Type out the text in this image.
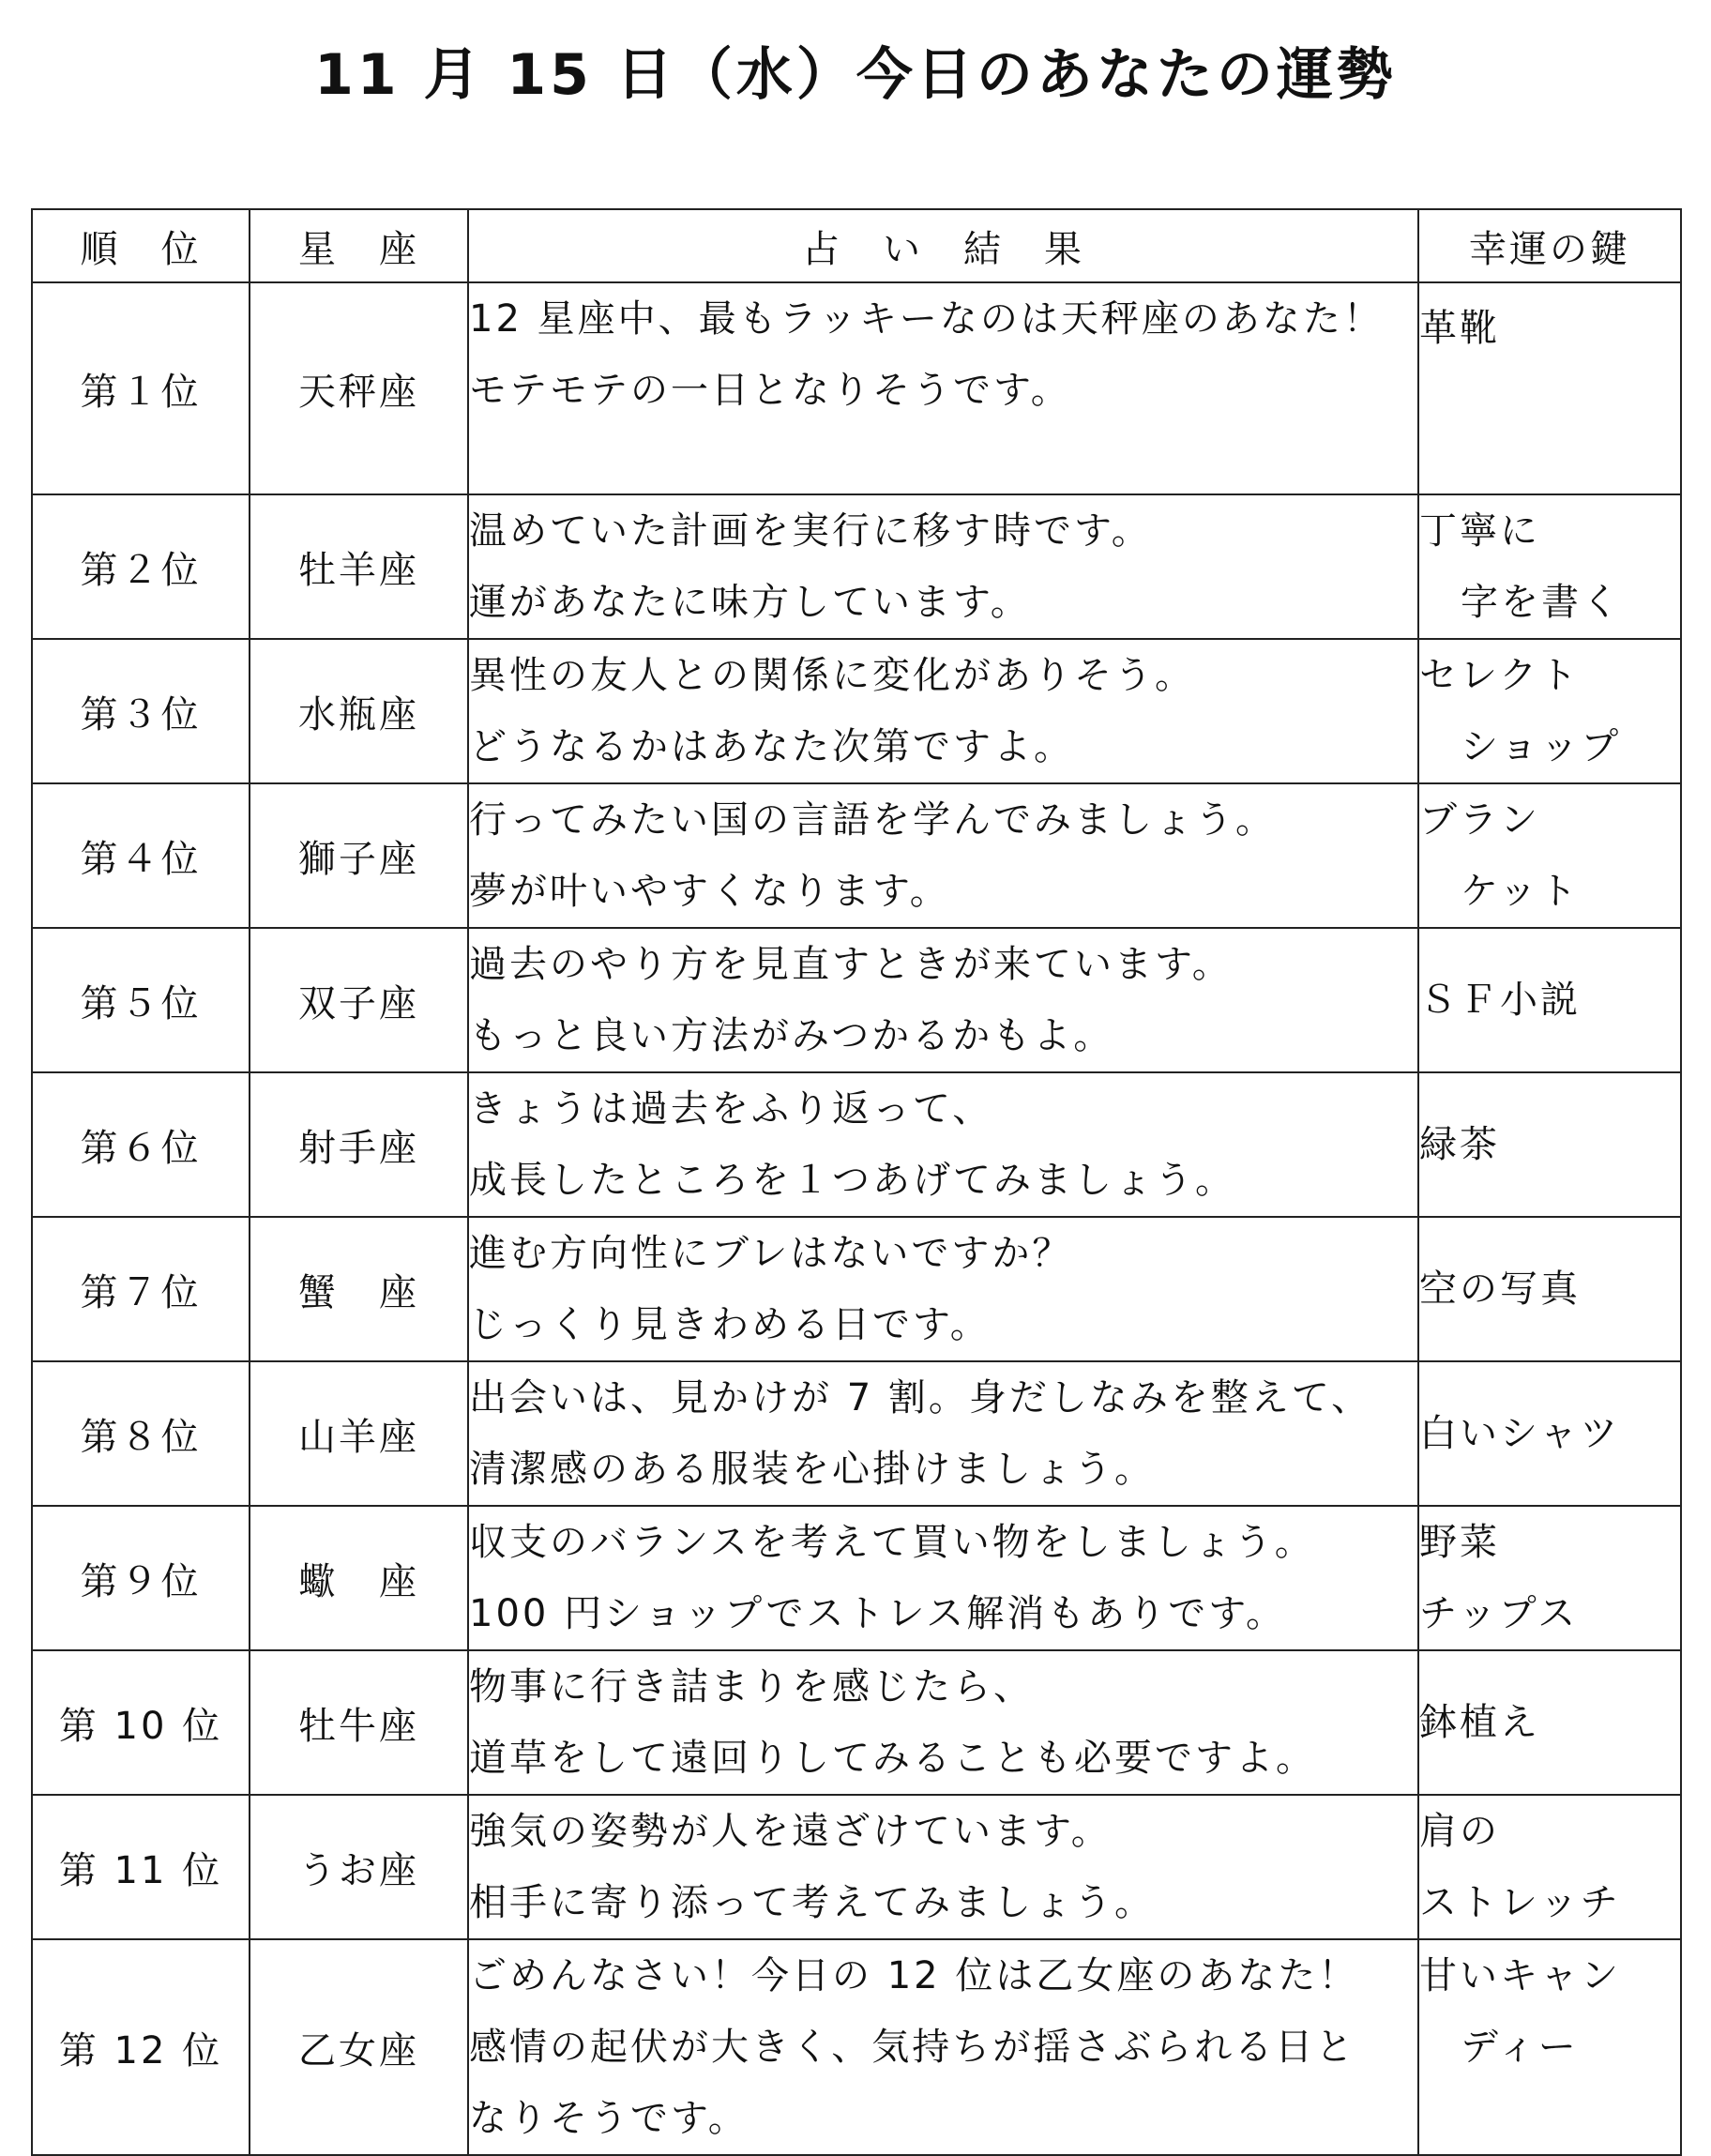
11 月 15 日（水）今日のあなたの運勢
順　位	星　座	占　い　結　果	幸運の鍵
第１位	天秤座	12 星座中、最もラッキーなのは天秤座のあなた！
モテモテの一日となりそうです。	革靴

第２位	牡羊座	温めていた計画を実行に移す時です。
運があなたに味方しています。	丁寧に
字を書く

第３位	水瓶座	異性の友人との関係に変化がありそう。
どうなるかはあなた次第ですよ。	セレクト
ショップ

第４位	獅子座	行ってみたい国の言語を学んでみましょう。
夢が叶いやすくなります。	ブラン
ケット

第５位	双子座	過去のやり方を見直すときが来ています。
もっと良い方法がみつかるかもよ。	ＳＦ小説

第６位	射手座	きょうは過去をふり返って、
成長したところを１つあげてみましょう。	緑茶

第７位	蟹　座	進む方向性にブレはないですか？
じっくり見きわめる日です。	空の写真

第８位	山羊座	出会いは、見かけが 7 割。身だしなみを整えて、
清潔感のある服装を心掛けましょう。	白いシャツ

第９位	蠍　座	収支のバランスを考えて買い物をしましょう。
100 円ショップでストレス解消もありです。	野菜
チップス

第 10 位	牡牛座	物事に行き詰まりを感じたら、
道草をして遠回りしてみることも必要ですよ。	鉢植え

第 11 位	うお座	強気の姿勢が人を遠ざけています。
相手に寄り添って考えてみましょう。	肩の
ストレッチ

第 12 位	乙女座	ごめんなさい！今日の 12 位は乙女座のあなた！
感情の起伏が大きく、気持ちが揺さぶられる日と
なりそうです。	甘いキャン
ディー
